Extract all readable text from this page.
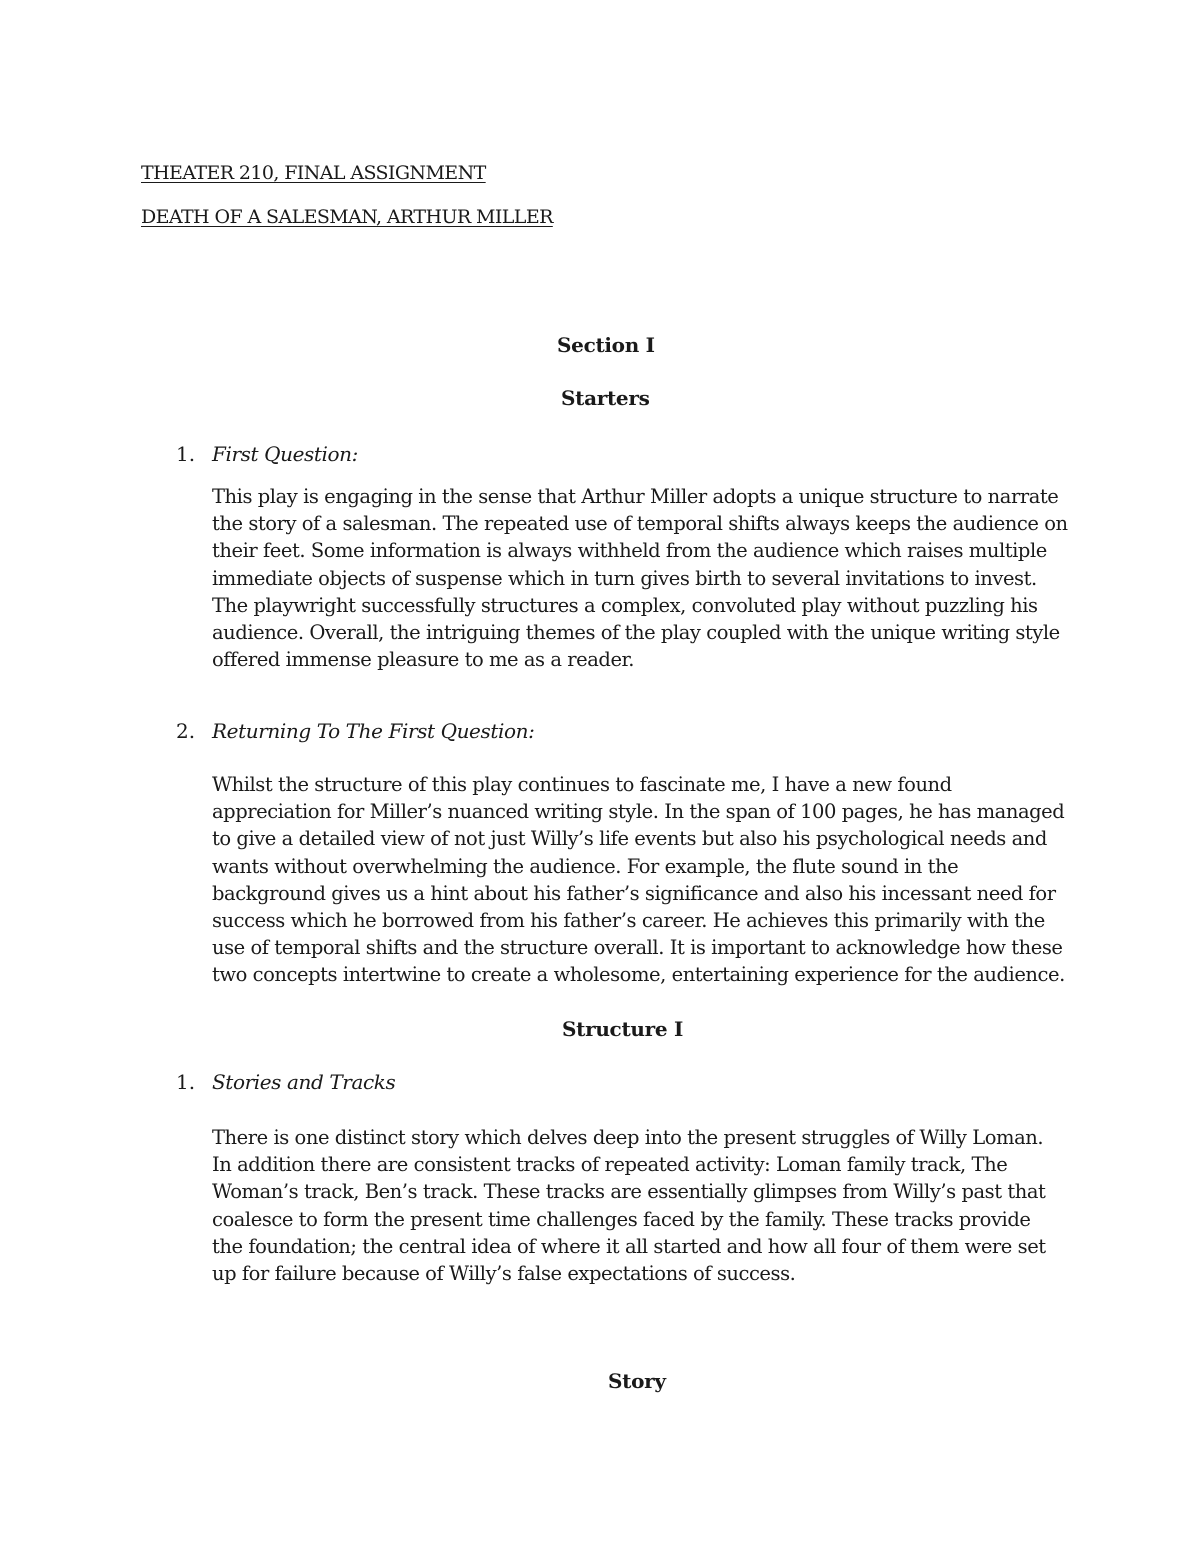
THEATER 210, FINAL ASSIGNMENT
DEATH OF A SALESMAN, ARTHUR MILLER
Section I
Starters
1. First Question:
This play is engaging in the sense that Arthur Miller adopts a unique structure to narrate
the story of a salesman. The repeated use of temporal shifts always keeps the audience on
their feet. Some information is always withheld from the audience which raises multiple
immediate objects of suspense which in turn gives birth to several invitations to invest.
The playwright successfully structures a complex, convoluted play without puzzling his
audience. Overall, the intriguing themes of the play coupled with the unique writing style
offered immense pleasure to me as a reader.
2. Returning To The First Question:
Whilst the structure of this play continues to fascinate me, I have a new found
appreciation for Miller’s nuanced writing style. In the span of 100 pages, he has managed
to give a detailed view of not just Willy’s life events but also his psychological needs and
wants without overwhelming the audience. For example, the flute sound in the
background gives us a hint about his father’s significance and also his incessant need for
success which he borrowed from his father’s career. He achieves this primarily with the
use of temporal shifts and the structure overall. It is important to acknowledge how these
two concepts intertwine to create a wholesome, entertaining experience for the audience.
Structure I
1. Stories and Tracks
There is one distinct story which delves deep into the present struggles of Willy Loman.
In addition there are consistent tracks of repeated activity: Loman family track, The
Woman’s track, Ben’s track. These tracks are essentially glimpses from Willy’s past that
coalesce to form the present time challenges faced by the family. These tracks provide
the foundation; the central idea of where it all started and how all four of them were set
up for failure because of Willy’s false expectations of success.
Story
